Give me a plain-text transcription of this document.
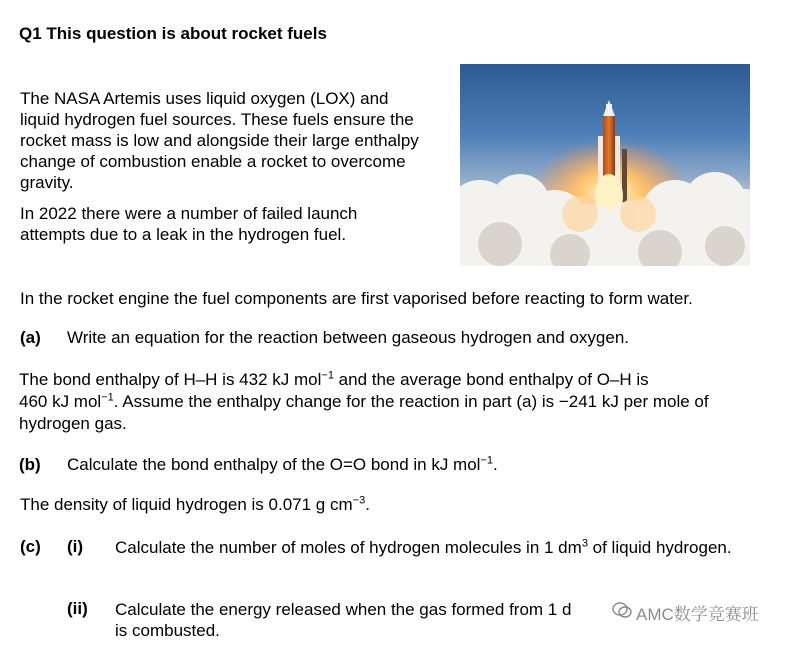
Q1 This question is about rocket fuels
The NASA Artemis uses liquid oxygen (LOX) and liquid hydrogen fuel sources. These fuels ensure the rocket mass is low and alongside their large enthalpy change of combustion enable a rocket to overcome gravity.
In 2022 there were a number of failed launch attempts due to a leak in the hydrogen fuel.
In the rocket engine the fuel components are first vaporised before reacting to form water.
(a) Write an equation for the reaction between gaseous hydrogen and oxygen.
The bond enthalpy of H–H is 432 kJ mol$^{-1}$ and the average bond enthalpy of O–H is
460 kJ mol$^{-1}$. Assume the enthalpy change for the reaction in part (a) is −241 kJ per mole of
hydrogen gas.
(b) Calculate the bond enthalpy of the O=O bond in kJ mol$^{-1}$.
The density of liquid hydrogen is 0.071 g $cm^{-3}$.
(c) (i) Calculate the number of moles of hydrogen molecules in 1 $dm^3$ of liquid hydrogen.
(ii) Calculate the energy released when the gas formed from 1 d
is combusted.
AMC数学竞赛班
